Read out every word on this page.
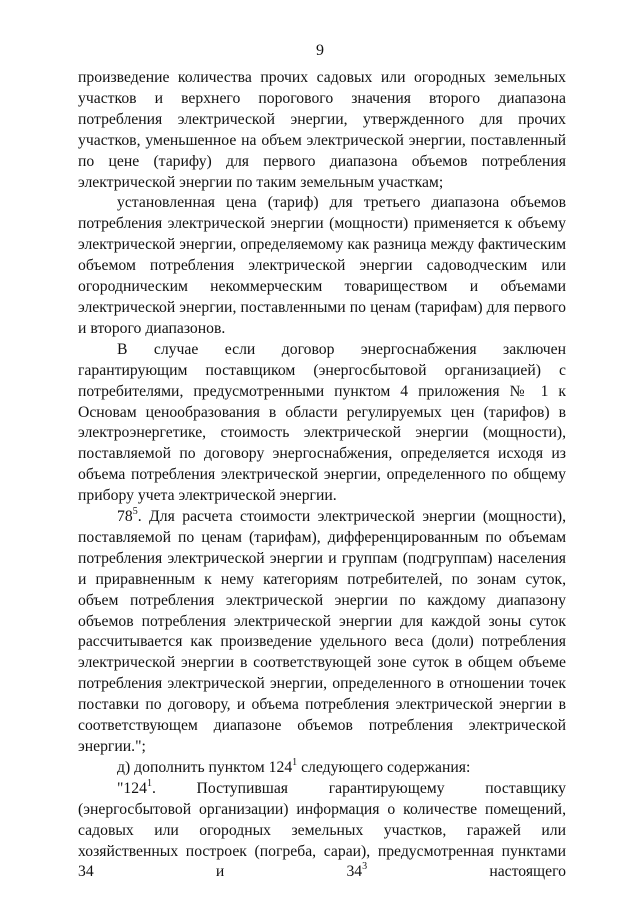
9

произведение количества прочих садовых или огородных земельных участков и верхнего порогового значения второго диапазона потребления электрической энергии, утвержденного для прочих участков, уменьшенное на объем электрической энергии, поставленный по цене (тарифу) для первого диапазона объемов потребления электрической энергии по таким земельным участкам;

установленная цена (тариф) для третьего диапазона объемов потребления электрической энергии (мощности) применяется к объему электрической энергии, определяемому как разница между фактическим объемом потребления электрической энергии садоводческим или огородническим некоммерческим товариществом и объемами электрической энергии, поставленными по ценам (тарифам) для первого и второго диапазонов.

В случае если договор энергоснабжения заключен гарантирующим поставщиком (энергосбытовой организацией) с потребителями, предусмотренными пунктом 4 приложения № 1 к Основам ценообразования в области регулируемых цен (тарифов) в электроэнергетике, стоимость электрической энергии (мощности), поставляемой по договору энергоснабжения, определяется исходя из объема потребления электрической энергии, определенного по общему прибору учета электрической энергии.

$78^5$. Для расчета стоимости электрической энергии (мощности), поставляемой по ценам (тарифам), дифференцированным по объемам потребления электрической энергии и группам (подгруппам) населения и приравненным к нему категориям потребителей, по зонам суток, объем потребления электрической энергии по каждому диапазону объемов потребления электрической энергии для каждой зоны суток рассчитывается как произведение удельного веса (доли) потребления электрической энергии в соответствующей зоне суток в общем объеме потребления электрической энергии, определенного в отношении точек поставки по договору, и объема потребления электрической энергии в соответствующем диапазоне объемов потребления электрической энергии.";

д) дополнить пунктом $124^1$ следующего содержания:

"$124^1$. Поступившая гарантирующему поставщику (энергосбытовой организации) информация о количестве помещений, садовых или огородных земельных участков, гаражей или хозяйственных построек (погреба, сараи), предусмотренная пунктами 34 и $34^3$ настоящего
